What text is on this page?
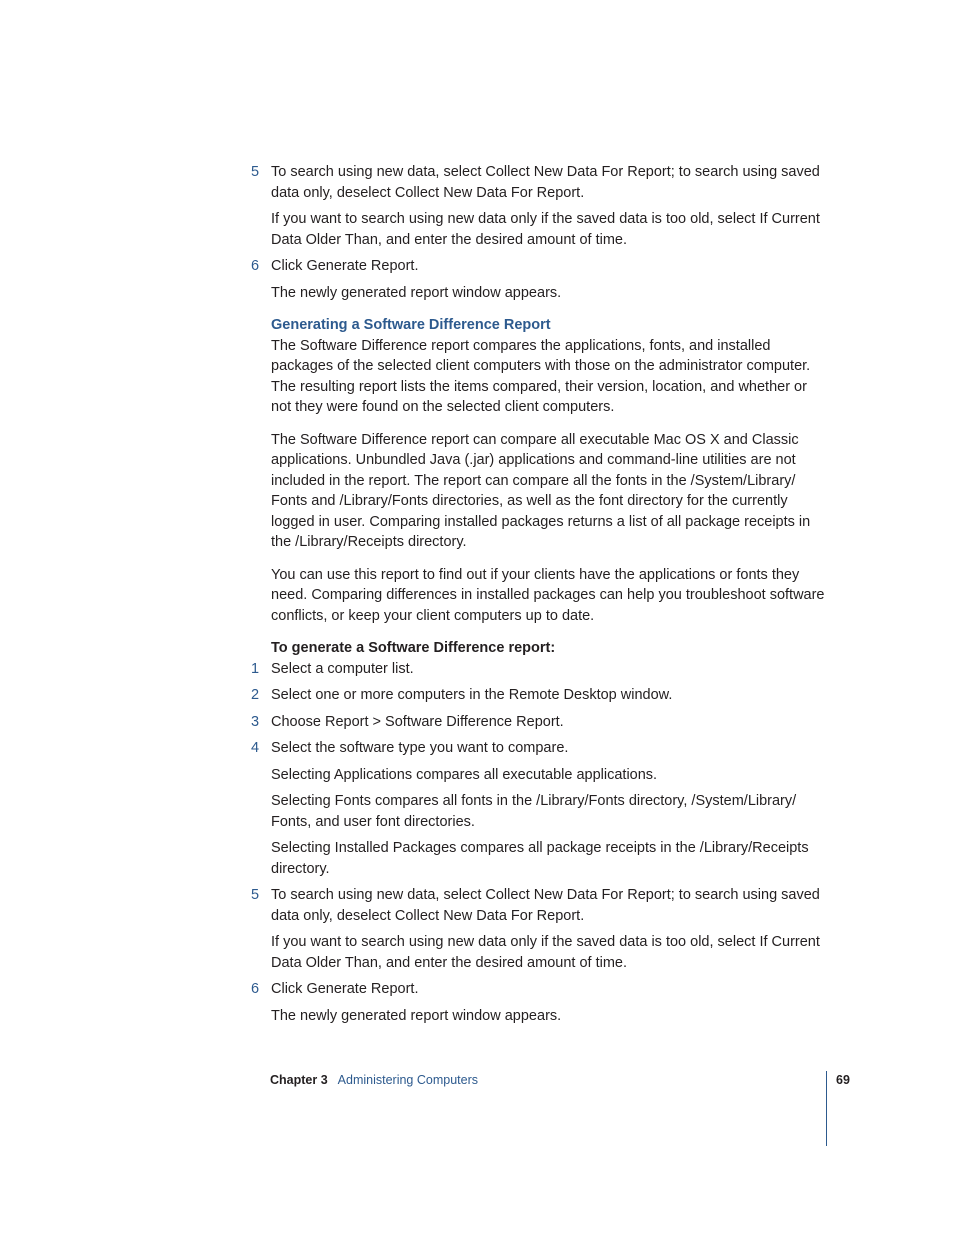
5 To search using new data, select Collect New Data For Report; to search using saved data only, deselect Collect New Data For Report.

If you want to search using new data only if the saved data is too old, select If Current Data Older Than, and enter the desired amount of time.

6 Click Generate Report.

The newly generated report window appears.

Generating a Software Difference Report

The Software Difference report compares the applications, fonts, and installed packages of the selected client computers with those on the administrator computer. The resulting report lists the items compared, their version, location, and whether or not they were found on the selected client computers.

The Software Difference report can compare all executable Mac OS X and Classic applications. Unbundled Java (.jar) applications and command-line utilities are not included in the report. The report can compare all the fonts in the /System/Library/ Fonts and /Library/Fonts directories, as well as the font directory for the currently logged in user. Comparing installed packages returns a list of all package receipts in the /Library/Receipts directory.

You can use this report to find out if your clients have the applications or fonts they need. Comparing differences in installed packages can help you troubleshoot software conflicts, or keep your client computers up to date.

To generate a Software Difference report:

1 Select a computer list.
2 Select one or more computers in the Remote Desktop window.
3 Choose Report > Software Difference Report.
4 Select the software type you want to compare.

Selecting Applications compares all executable applications.

Selecting Fonts compares all fonts in the /Library/Fonts directory, /System/Library/ Fonts, and user font directories.

Selecting Installed Packages compares all package receipts in the /Library/Receipts directory.

5 To search using new data, select Collect New Data For Report; to search using saved data only, deselect Collect New Data For Report.

If you want to search using new data only if the saved data is too old, select If Current Data Older Than, and enter the desired amount of time.

6 Click Generate Report.

The newly generated report window appears.

Chapter 3 Administering Computers	69
